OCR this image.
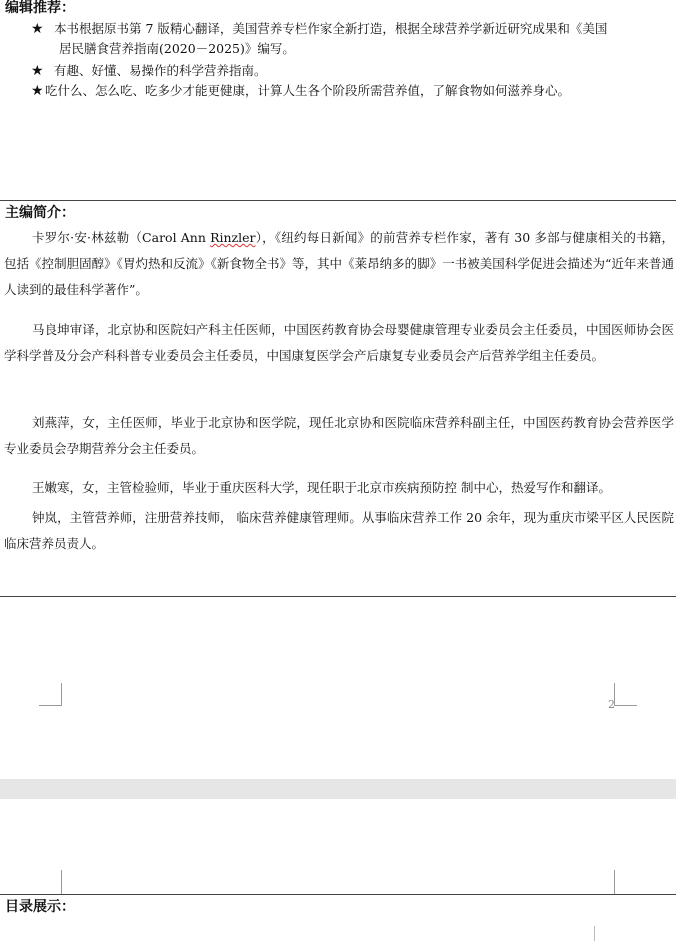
编辑推荐：
★ 本书根据原书第 7 版精心翻译，美国营养专栏作家全新打造，根据全球营养学新近研究成果和《美国
居民膳食营养指南(2020－2025)》编写。
★ 有趣、好懂、易操作的科学营养指南。
★ 吃什么、怎么吃、吃多少才能更健康，计算人生各个阶段所需营养值，了解食物如何滋养身心。
主编简介：
卡罗尔·安·林兹勒（Carol Ann Rinzler），《纽约每日新闻》的前营养专栏作家，著有 30 多部与健康相关的书籍，包括《控制胆固醇》《胃灼热和反流》《新食物全书》等，其中《莱昂纳多的脚》一书被美国科学促进会描述为“近年来普通人读到的最佳科学著作”。
马良坤审译，北京协和医院妇产科主任医师，中国医药教育协会母婴健康管理专业委员会主任委员，中国医师协会医学科学普及分会产科科普专业委员会主任委员，中国康复医学会产后康复专业委员会产后营养学组主任委员。
刘燕萍，女，主任医师，毕业于北京协和医学院，现任北京协和医院临床营养科副主任，中国医药教育协会营养医学专业委员会孕期营养分会主任委员。
王嫩寒，女，主管检验师，毕业于重庆医科大学，现任职于北京市疾病预防控 制中心，热爱写作和翻译。
钟岚，主管营养师，注册营养技师， 临床营养健康管理师。从事临床营养工作 20 余年，现为重庆市梁平区人民医院临床营养员责人。
2
目录展示：
